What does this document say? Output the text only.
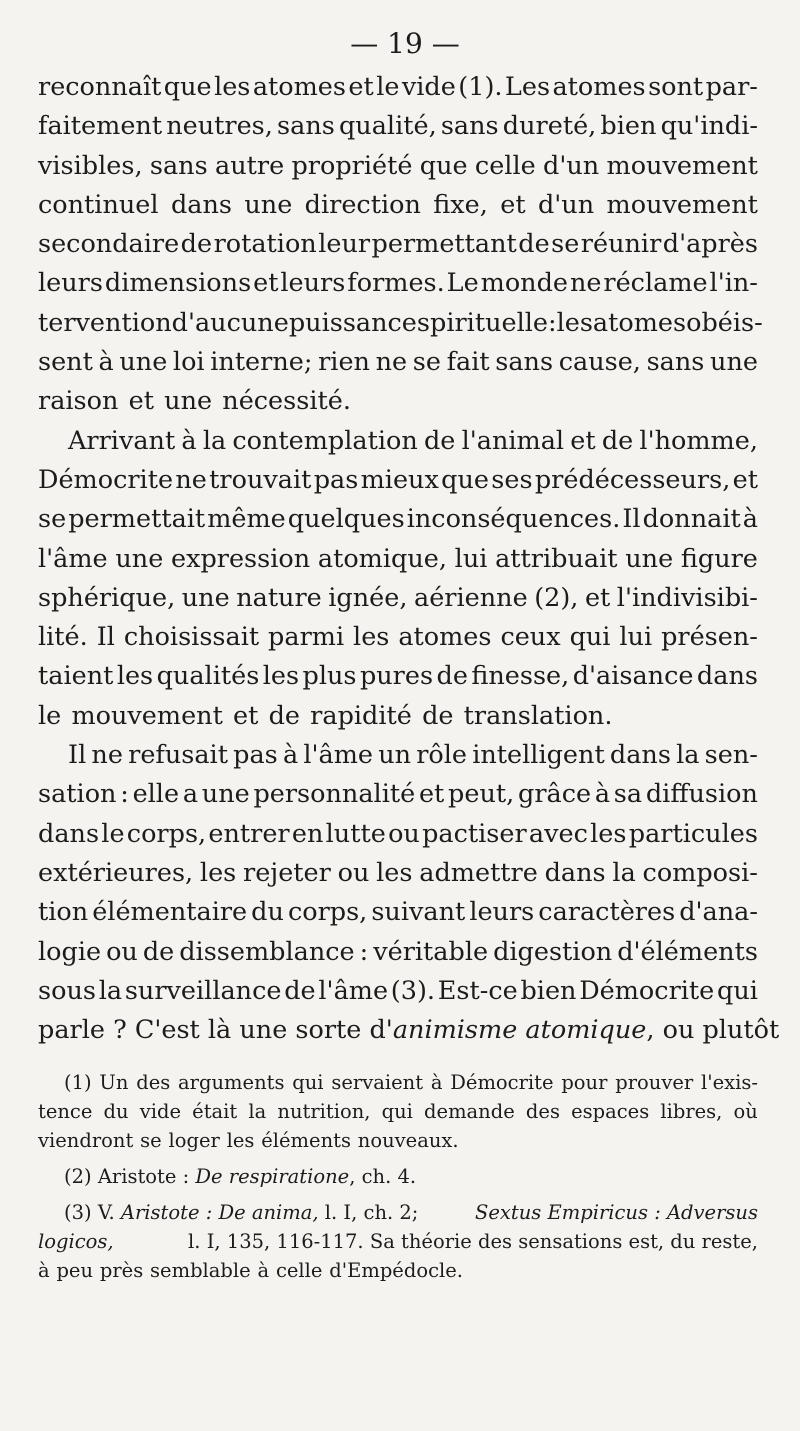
— 19 —
reconnaît que les atomes et le vide (1). Les atomes sont par-
faitement neutres, sans qualité, sans dureté, bien qu'indi-
visibles, sans autre propriété que celle d'un mouvement
continuel dans une direction fixe, et d'un mouvement
secondaire de rotation leur permettant de se réunir d'après
leurs dimensions et leurs formes. Le monde ne réclame l'in-
tervention d'aucune puissance spirituelle : les atomes obéis-
sent à une loi interne; rien ne se fait sans cause, sans une
raison et une nécessité.
Arrivant à la contemplation de l'animal et de l'homme,
Démocrite ne trouvait pas mieux que ses prédécesseurs, et
se permettait même quelques inconséquences. Il donnait à
l'âme une expression atomique, lui attribuait une figure
sphérique, une nature ignée, aérienne (2), et l'indivisibi-
lité. Il choisissait parmi les atomes ceux qui lui présen-
taient les qualités les plus pures de finesse, d'aisance dans
le mouvement et de rapidité de translation.
Il ne refusait pas à l'âme un rôle intelligent dans la sen-
sation : elle a une personnalité et peut, grâce à sa diffusion
dans le corps, entrer en lutte ou pactiser avec les particules
extérieures, les rejeter ou les admettre dans la composi-
tion élémentaire du corps, suivant leurs caractères d'ana-
logie ou de dissemblance : véritable digestion d'éléments
sous la surveillance de l'âme (3). Est-ce bien Démocrite qui
parle ? C'est là une sorte d' animisme atomique, ou plutôt
(1) Un des arguments qui servaient à Démocrite pour prouver l'exis-
tence du vide était la nutrition, qui demande des espaces libres, où
viendront se loger les éléments nouveaux.
(2) Aristote : De respiratione , ch. 4.
(3) V. Aristote : De anima, l. I, ch. 2;	Sextus Empiricus : Adversus
logicos,	l. I, 135, 116-117. Sa théorie des sensations est, du reste,
à peu près semblable à celle d'Empédocle.
